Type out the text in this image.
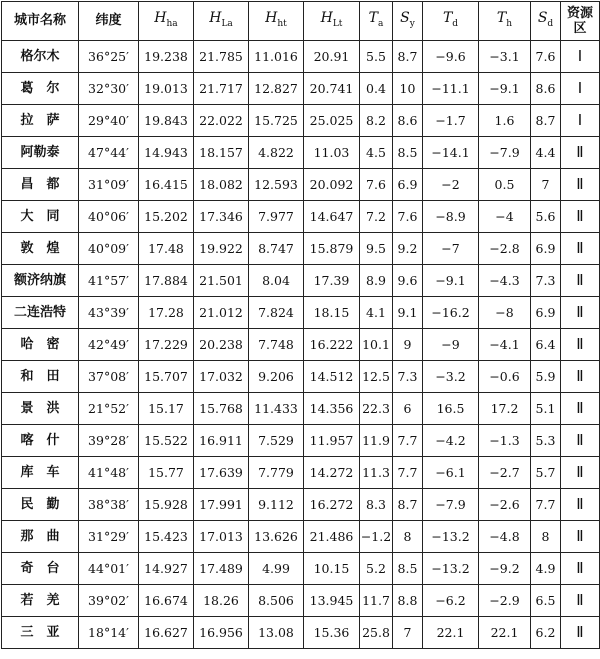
城市名称	纬度	$H_{ha}$	$H_{La}$	$H_{ht}$	$H_{Lt}$	$T_a$	$S_y$	$T_d$	$T_h$	$S_d$	资源
区
格尔木	36°25′	19.238	21.785	11.016	20.91	5.5	8.7	−9.6	−3.1	7.6	Ⅰ
葛　尔	32°30′	19.013	21.717	12.827	20.741	0.4	10	−11.1	−9.1	8.6	Ⅰ
拉　萨	29°40′	19.843	22.022	15.725	25.025	8.2	8.6	−1.7	1.6	8.7	Ⅰ
阿勒泰	47°44′	14.943	18.157	4.822	11.03	4.5	8.5	−14.1	−7.9	4.4	Ⅱ
昌　都	31°09′	16.415	18.082	12.593	20.092	7.6	6.9	−2	0.5	7	Ⅱ
大　同	40°06′	15.202	17.346	7.977	14.647	7.2	7.6	−8.9	−4	5.6	Ⅱ
敦　煌	40°09′	17.48	19.922	8.747	15.879	9.5	9.2	−7	−2.8	6.9	Ⅱ
额济纳旗	41°57′	17.884	21.501	8.04	17.39	8.9	9.6	−9.1	−4.3	7.3	Ⅱ
二连浩特	43°39′	17.28	21.012	7.824	18.15	4.1	9.1	−16.2	−8	6.9	Ⅱ
哈　密	42°49′	17.229	20.238	7.748	16.222	10.1	9	−9	−4.1	6.4	Ⅱ
和　田	37°08′	15.707	17.032	9.206	14.512	12.5	7.3	−3.2	−0.6	5.9	Ⅱ
景　洪	21°52′	15.17	15.768	11.433	14.356	22.3	6	16.5	17.2	5.1	Ⅱ
喀　什	39°28′	15.522	16.911	7.529	11.957	11.9	7.7	−4.2	−1.3	5.3	Ⅱ
库　车	41°48′	15.77	17.639	7.779	14.272	11.3	7.7	−6.1	−2.7	5.7	Ⅱ
民　勤	38°38′	15.928	17.991	9.112	16.272	8.3	8.7	−7.9	−2.6	7.7	Ⅱ
那　曲	31°29′	15.423	17.013	13.626	21.486	−1.2	8	−13.2	−4.8	8	Ⅱ
奇　台	44°01′	14.927	17.489	4.99	10.15	5.2	8.5	−13.2	−9.2	4.9	Ⅱ
若　羌	39°02′	16.674	18.26	8.506	13.945	11.7	8.8	−6.2	−2.9	6.5	Ⅱ
三　亚	18°14′	16.627	16.956	13.08	15.36	25.8	7	22.1	22.1	6.2	Ⅱ
